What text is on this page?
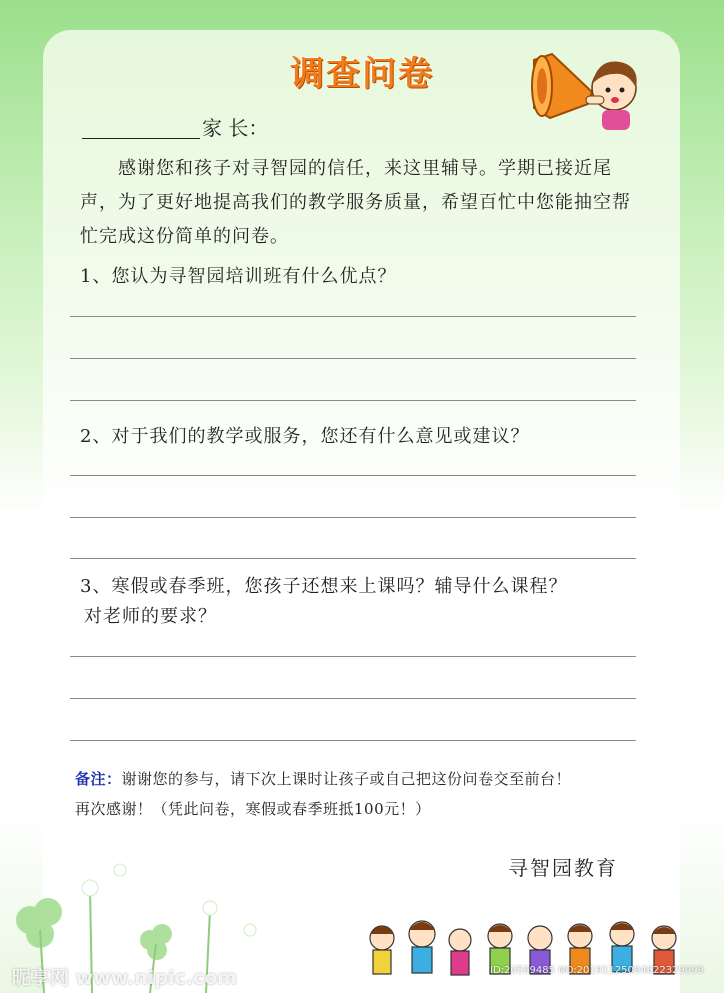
调查问卷
家 长：
感谢您和孩子对寻智园的信任，来这里辅导。学期已接近尾声，为了更好地提高我们的教学服务质量，希望百忙中您能抽空帮忙完成这份简单的问卷。
1、您认为寻智园培训班有什么优点？
2、对于我们的教学或服务，您还有什么意见或建议？
3、寒假或春季班，您孩子还想来上课吗？辅导什么课程？
对老师的要求？
备注：谢谢您的参与，请下次上课时让孩子或自己把这份问卷交至前台！
再次感谢！（凭此问卷，寒假或春季班抵100元！）
寻智园教育
昵享网 www.nipic.com	ID:20599485 NO:20191125094622329099
